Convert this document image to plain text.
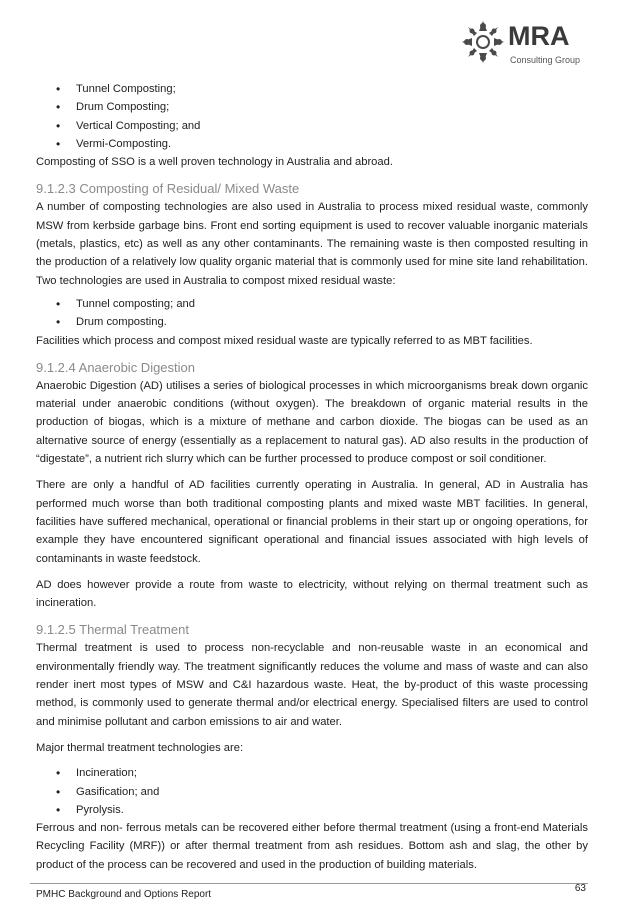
MRA
Consulting Group
• Tunnel Composting;
• Drum Composting;
• Vertical Composting; and
• Vermi-Composting.

Composting of SSO is a well proven technology in Australia and abroad.

9.1.2.3 Composting of Residual/ Mixed Waste

A number of composting technologies are also used in Australia to process mixed residual waste, commonly MSW from kerbside garbage bins. Front end sorting equipment is used to recover valuable inorganic materials (metals, plastics, etc) as well as any other contaminants. The remaining waste is then composted resulting in the production of a relatively low quality organic material that is commonly used for mine site land rehabilitation. Two technologies are used in Australia to compost mixed residual waste:

• Tunnel composting; and
• Drum composting.

Facilities which process and compost mixed residual waste are typically referred to as MBT facilities.

9.1.2.4 Anaerobic Digestion

Anaerobic Digestion (AD) utilises a series of biological processes in which microorganisms break down organic material under anaerobic conditions (without oxygen). The breakdown of organic material results in the production of biogas, which is a mixture of methane and carbon dioxide. The biogas can be used as an alternative source of energy (essentially as a replacement to natural gas). AD also results in the production of “digestate”, a nutrient rich slurry which can be further processed to produce compost or soil conditioner.

There are only a handful of AD facilities currently operating in Australia. In general, AD in Australia has performed much worse than both traditional composting plants and mixed waste MBT facilities. In general, facilities have suffered mechanical, operational or financial problems in their start up or ongoing operations, for example they have encountered significant operational and financial issues associated with high levels of contaminants in waste feedstock.

AD does however provide a route from waste to electricity, without relying on thermal treatment such as incineration.

9.1.2.5 Thermal Treatment

Thermal treatment is used to process non-recyclable and non-reusable waste in an economical and environmentally friendly way. The treatment significantly reduces the volume and mass of waste and can also render inert most types of MSW and C&I hazardous waste. Heat, the by-product of this waste processing method, is commonly used to generate thermal and/or electrical energy. Specialised filters are used to control and minimise pollutant and carbon emissions to air and water.

Major thermal treatment technologies are:

• Incineration;
• Gasification; and
• Pyrolysis.

Ferrous and non- ferrous metals can be recovered either before thermal treatment (using a front-end Materials Recycling Facility (MRF)) or after thermal treatment from ash residues. Bottom ash and slag, the other by product of the process can be recovered and used in the production of building materials.

PMHC Background and Options Report
63
